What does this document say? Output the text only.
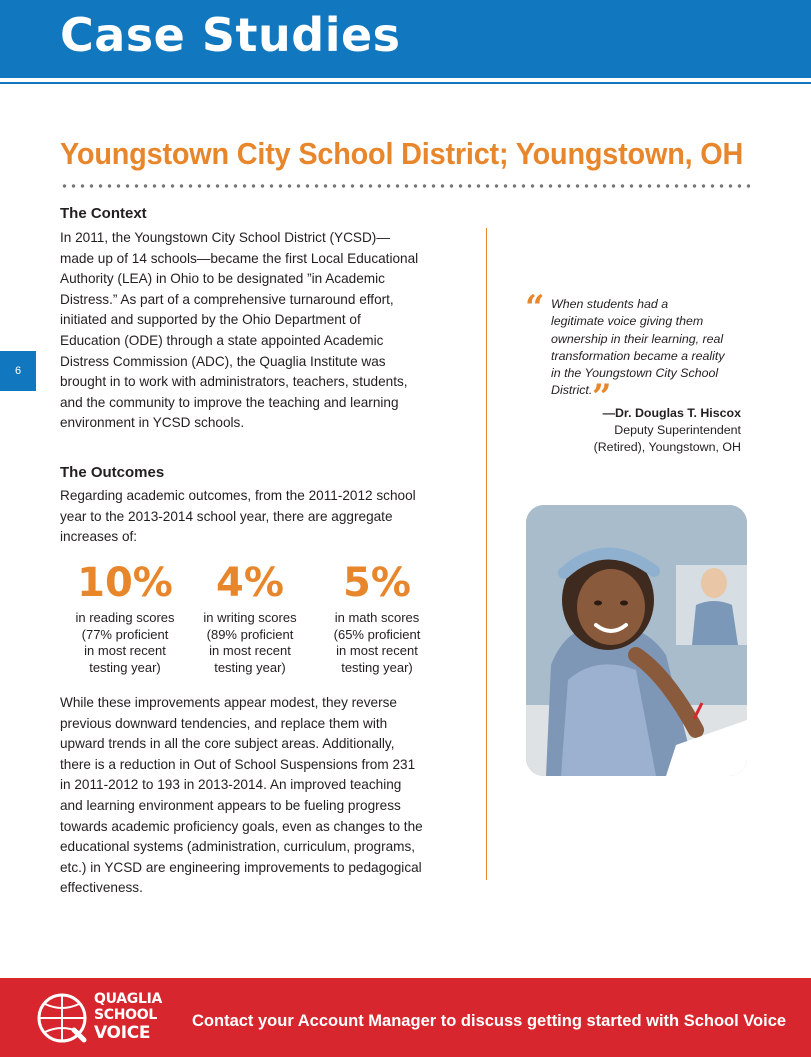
Case Studies
6
Youngstown City School District; Youngstown, OH
The Context
In 2011, the Youngstown City School District (YCSD)—
made up of 14 schools—became the first Local Educational
Authority (LEA) in Ohio to be designated ”in Academic
Distress.” As part of a comprehensive turnaround effort,
initiated and supported by the Ohio Department of
Education (ODE) through a state appointed Academic
Distress Commission (ADC), the Quaglia Institute was
brought in to work with administrators, teachers, students,
and the community to improve the teaching and learning
environment in YCSD schools.
The Outcomes
Regarding academic outcomes, from the 2011-2012 school
year to the 2013-2014 school year, there are aggregate
increases of:
10%
in reading scores
(77% proficient
in most recent
testing year)
4%
in writing scores
(89% proficient
in most recent
testing year)
5%
in math scores
(65% proficient
in most recent
testing year)
While these improvements appear modest, they reverse
previous downward tendencies, and replace them with
upward trends in all the core subject areas. Additionally,
there is a reduction in Out of School Suspensions from 231
in 2011-2012 to 193 in 2013-2014. An improved teaching
and learning environment appears to be fueling progress
towards academic proficiency goals, even as changes to the
educational systems (administration, curriculum, programs,
etc.) in YCSD are engineering improvements to pedagogical
effectiveness.
“ When students had a
legitimate voice giving them
ownership in their learning, real
transformation became a reality
in the Youngstown City School
District. ”
—Dr. Douglas T. Hiscox
Deputy Superintendent
(Retired), Youngstown, OH
QUAGLIA
SCHOOL
VOICE
Contact your Account Manager to discuss getting started with School Voice
